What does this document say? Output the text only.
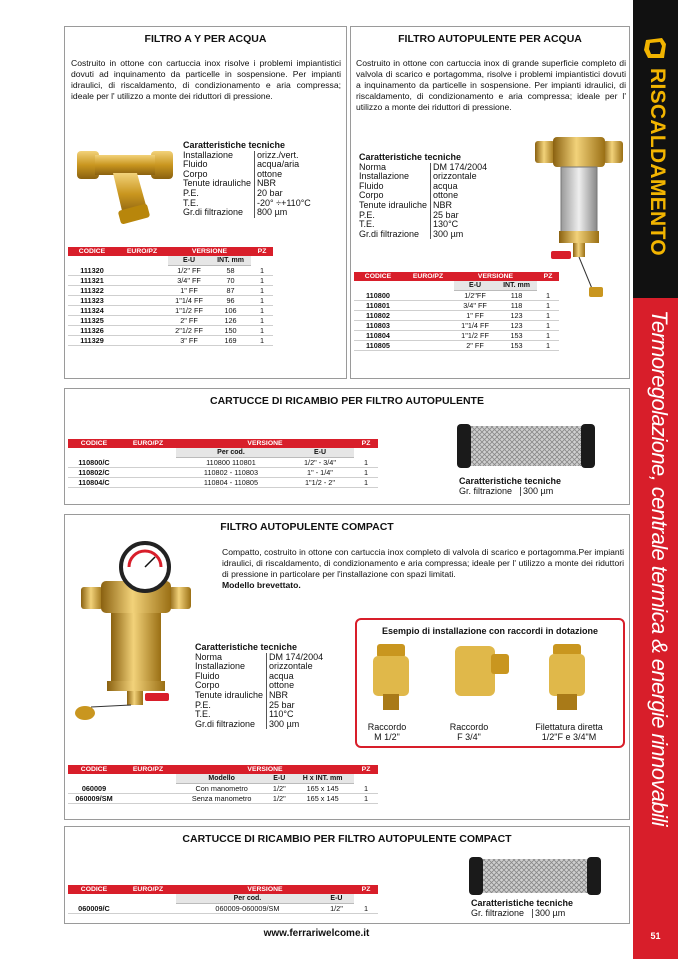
RISCALDAMENTO
Termoregolazione, centrale termica & energie rinnovabili
51
FILTRO A Y PER ACQUA
Costruito in ottone con cartuccia inox risolve i problemi impiantistici dovuti ad inquinamento da particelle in sospensione. Per impianti idraulici, di riscaldamento, di condizionamento e aria compressa; ideale per l' utilizzo a monte dei riduttori di pressione.
Caratteristiche tecniche
Installazione	orizz./vert.
Fluido	acqua/aria
Corpo	ottone
Tenute idrauliche	NBR
P.E.	20 bar
T.E.	-20° ÷+110°C
Gr.di filtrazione	800 µm
CODICE	EURO/PZ	VERSIONE		PZ
		E-U	INT. mm	
111320		1/2" FF	58	1
111321		3/4" FF	70	1
111322		1" FF	87	1
111323		1"1/4 FF	96	1
111324		1"1/2 FF	106	1
111325		2" FF	126	1
111326		2"1/2 FF	150	1
111329		3" FF	169	1
FILTRO AUTOPULENTE PER ACQUA
Costruito in ottone con cartuccia inox di grande superficie completo di valvola di scarico e portagomma, risolve i problemi impiantistici dovuti a inquinamento da particelle in sospensione. Per impianti idraulici, di riscaldamento, di condizionamento e aria compressa; ideale per l' utilizzo a monte dei riduttori di pressione.
Caratteristiche tecniche
Norma	DM 174/2004
Installazione	orizzontale
Fluido	acqua
Corpo	ottone
Tenute idrauliche	NBR
P.E.	25 bar
T.E.	130°C
Gr.di filtrazione	300 µm
CODICE	EURO/PZ	VERSIONE		PZ
		E-U	INT. mm	
110800		1/2"FF	118	1
110801		3/4" FF	118	1
110802		1" FF	123	1
110803		1"1/4 FF	123	1
110804		1"1/2 FF	153	1
110805		2" FF	153	1
CARTUCCE DI RICAMBIO PER FILTRO AUTOPULENTE
CODICE	EURO/PZ	VERSIONE		PZ
		Per cod.	E-U	
110800/C		110800 110801	1/2" - 3/4"	1
110802/C		110802 - 110803	1" - 1/4"	1
110804/C		110804 - 110805	1"1/2 - 2"	1	Caratteristiche tecniche
Gr. filtrazione	300 µm
FILTRO AUTOPULENTE COMPACT
Compatto, costruito in ottone con cartuccia inox completo di valvola di scarico e portagomma.Per impianti idraulici, di riscaldamento, di condizionamento e aria compressa; ideale per l' utilizzo a monte dei riduttori di pressione in particolare per l'installazione con spazi limitati.
Modello brevettato.
Caratteristiche tecniche
Norma	DM 174/2004
Installazione	orizzontale
Fluido	acqua
Corpo	ottone
Tenute idrauliche	NBR
P.E.	25 bar
T.E.	110°C
Gr.di filtrazione	300 µm
Esempio di installazione con raccordi in dotazione
Raccordo
M 1/2"
Raccordo
F 3/4"
Filettatura diretta
1/2"F e 3/4"M
CODICE	EURO/PZ	VERSIONE			PZ
		Modello	E-U	H x INT. mm	
060009		Con manometro	1/2"	165 x 145	1
060009/SM		Senza manometro	1/2"	165 x 145	1
CARTUCCE DI RICAMBIO PER FILTRO AUTOPULENTE COMPACT
CODICE	EURO/PZ	VERSIONE		PZ
		Per cod.	E-U	
060009/C		060009-060009/SM	1/2"	1
Caratteristiche tecniche
Gr. filtrazione	300 µm
www.ferrariwelcome.it
